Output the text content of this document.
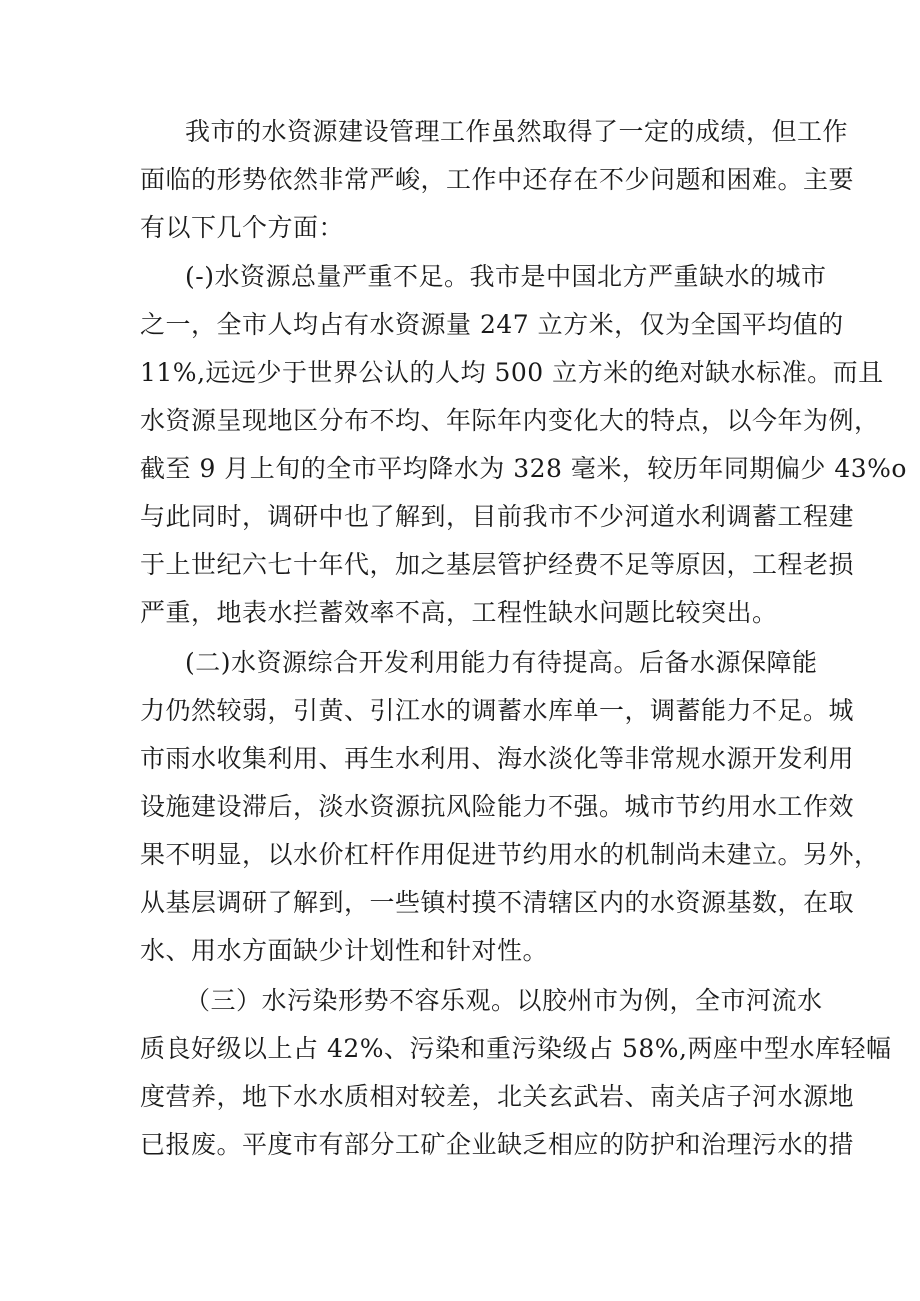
我市的水资源建设管理工作虽然取得了一定的成绩，但工作
面临的形势依然非常严峻，工作中还存在不少问题和困难。主要
有以下几个方面：
(-)水资源总量严重不足。我市是中国北方严重缺水的城市
之一，全市人均占有水资源量 247 立方米，仅为全国平均值的
11%,远远少于世界公认的人均 500 立方米的绝对缺水标准。而且
水资源呈现地区分布不均、年际年内变化大的特点，以今年为例，
截至 9 月上旬的全市平均降水为 328 毫米，较历年同期偏少 43%o
与此同时，调研中也了解到，目前我市不少河道水利调蓄工程建
于上世纪六七十年代，加之基层管护经费不足等原因，工程老损
严重，地表水拦蓄效率不高，工程性缺水问题比较突出。
(二)水资源综合开发利用能力有待提高。后备水源保障能
力仍然较弱，引黄、引江水的调蓄水库单一，调蓄能力不足。城
市雨水收集利用、再生水利用、海水淡化等非常规水源开发利用
设施建设滞后，淡水资源抗风险能力不强。城市节约用水工作效
果不明显，以水价杠杆作用促进节约用水的机制尚未建立。另外，
从基层调研了解到，一些镇村摸不清辖区内的水资源基数，在取
水、用水方面缺少计划性和针对性。
（三）水污染形势不容乐观。以胶州市为例，全市河流水
质良好级以上占 42%、污染和重污染级占 58%,两座中型水库轻幅
度营养，地下水水质相对较差，北关玄武岩、南关店子河水源地
已报废。平度市有部分工矿企业缺乏相应的防护和治理污水的措
